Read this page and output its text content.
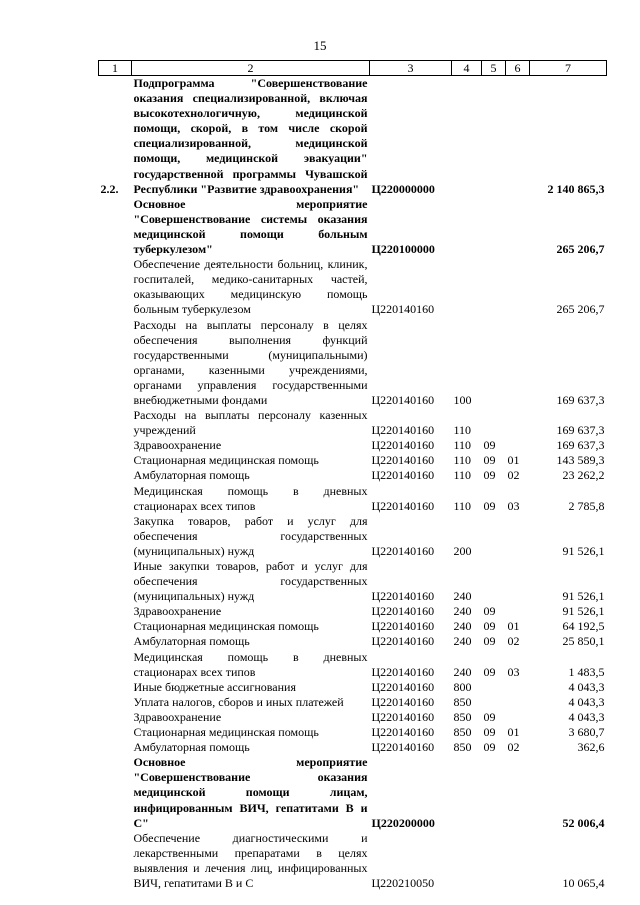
15
1	2	3	4	5	6	7
2.2.	Подпрограмма "Совершенствование оказания специализированной, включая высокотехнологичную, медицинской помощи, скорой, в том числе скорой специализированной, медицинской помощи, медицинской эвакуации" государственной программы Чувашской Республики "Развитие здравоохранения"	Ц220000000				2 140 865,3
	Основное мероприятие "Совершенствование системы оказания медицинской помощи больным туберкулезом"	Ц220100000				265 206,7
	Обеспечение деятельности больниц, клиник, госпиталей, медико-санитарных частей, оказывающих медицинскую помощь больным туберкулезом	Ц220140160				265 206,7
	Расходы на выплаты персоналу в целях обеспечения выполнения функций государственными (муниципальными) органами, казенными учреждениями, органами управления государственными внебюджетными фондами	Ц220140160	100			169 637,3
	Расходы на выплаты персоналу казенных учреждений	Ц220140160	110			169 637,3
	Здравоохранение	Ц220140160	110	09		169 637,3
	Стационарная медицинская помощь	Ц220140160	110	09	01	143 589,3
	Амбулаторная помощь	Ц220140160	110	09	02	23 262,2
	Медицинская помощь в дневных стационарах всех типов	Ц220140160	110	09	03	2 785,8
	Закупка товаров, работ и услуг для обеспечения государственных (муниципальных) нужд	Ц220140160	200			91 526,1
	Иные закупки товаров, работ и услуг для обеспечения государственных (муниципальных) нужд	Ц220140160	240			91 526,1
	Здравоохранение	Ц220140160	240	09		91 526,1
	Стационарная медицинская помощь	Ц220140160	240	09	01	64 192,5
	Амбулаторная помощь	Ц220140160	240	09	02	25 850,1
	Медицинская помощь в дневных стационарах всех типов	Ц220140160	240	09	03	1 483,5
	Иные бюджетные ассигнования	Ц220140160	800			4 043,3
	Уплата налогов, сборов и иных платежей	Ц220140160	850			4 043,3
	Здравоохранение	Ц220140160	850	09		4 043,3
	Стационарная медицинская помощь	Ц220140160	850	09	01	3 680,7
	Амбулаторная помощь	Ц220140160	850	09	02	362,6
	Основное мероприятие "Совершенствование оказания медицинской помощи лицам, инфицированным ВИЧ, гепатитами В и С"	Ц220200000				52 006,4
	Обеспечение диагностическими и лекарственными препаратами в целях выявления и лечения лиц, инфицированных ВИЧ, гепатитами В и С	Ц220210050				10 065,4
